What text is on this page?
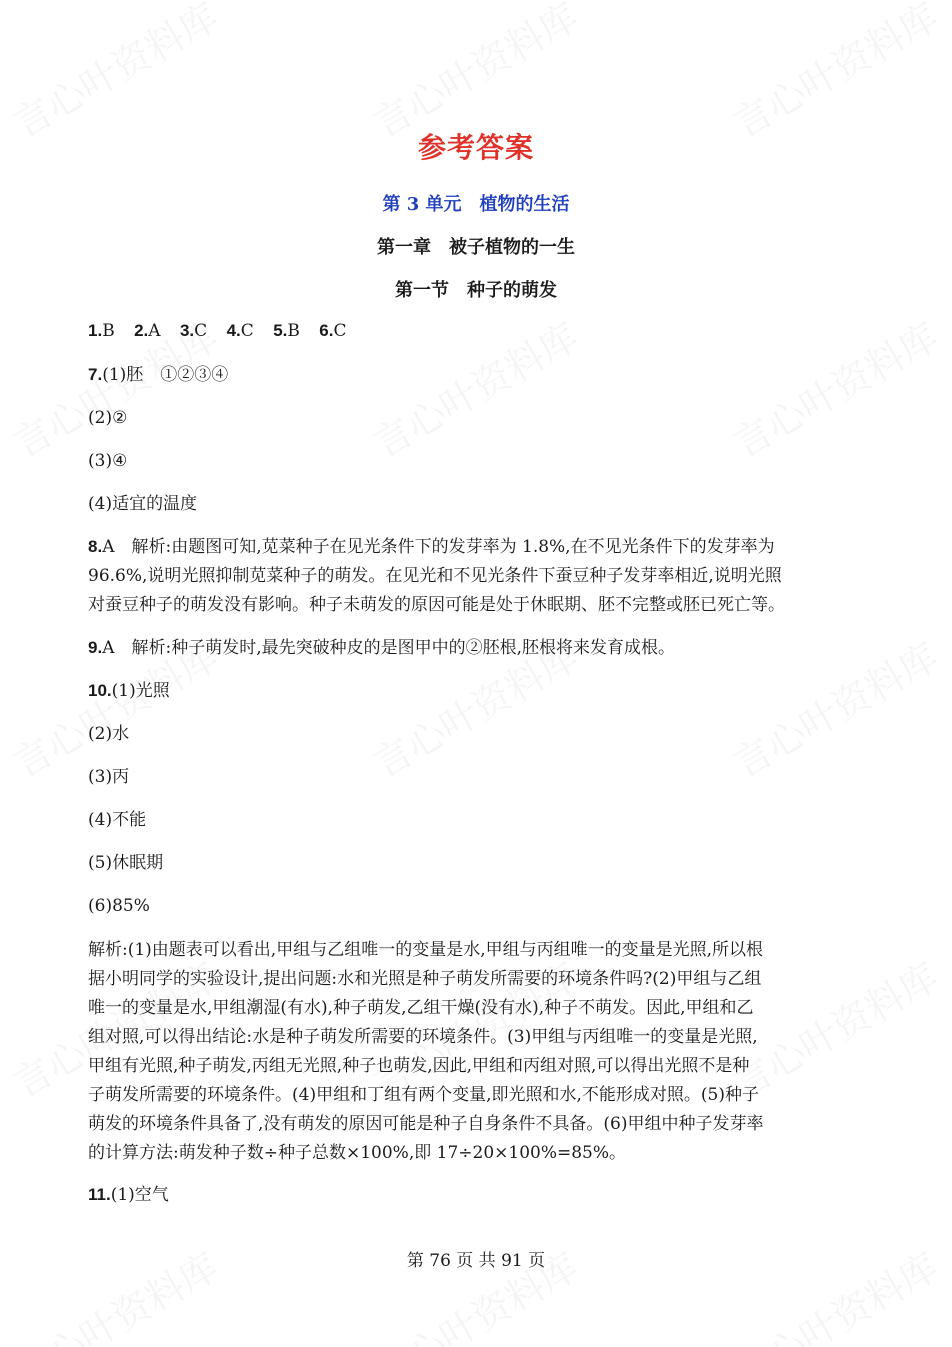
参考答案
第 3 单元　植物的生活
第一章　被子植物的一生
第一节　种子的萌发
1.B 2.A 3.C 4.C 5.B 6.C
7.(1)胚　①②③④
(2)②
(3)④
(4)适宜的温度
8.A　解析:由题图可知,苋菜种子在见光条件下的发芽率为 1.8%,在不见光条件下的发芽率为
96.6%,说明光照抑制苋菜种子的萌发。在见光和不见光条件下蚕豆种子发芽率相近,说明光照
对蚕豆种子的萌发没有影响。种子未萌发的原因可能是处于休眠期、胚不完整或胚已死亡等。
9.A　解析:种子萌发时,最先突破种皮的是图甲中的②胚根,胚根将来发育成根。
10.(1)光照
(2)水
(3)丙
(4)不能
(5)休眠期
(6)85%
解析:(1)由题表可以看出,甲组与乙组唯一的变量是水,甲组与丙组唯一的变量是光照,所以根
据小明同学的实验设计,提出问题:水和光照是种子萌发所需要的环境条件吗?(2)甲组与乙组
唯一的变量是水,甲组潮湿(有水),种子萌发,乙组干燥(没有水),种子不萌发。因此,甲组和乙
组对照,可以得出结论:水是种子萌发所需要的环境条件。(3)甲组与丙组唯一的变量是光照,
甲组有光照,种子萌发,丙组无光照,种子也萌发,因此,甲组和丙组对照,可以得出光照不是种
子萌发所需要的环境条件。(4)甲组和丁组有两个变量,即光照和水,不能形成对照。(5)种子
萌发的环境条件具备了,没有萌发的原因可能是种子自身条件不具备。(6)甲组中种子发芽率
的计算方法:萌发种子数÷种子总数×100%,即 17÷20×100%=85%。
11.(1)空气
第 76 页 共 91 页
